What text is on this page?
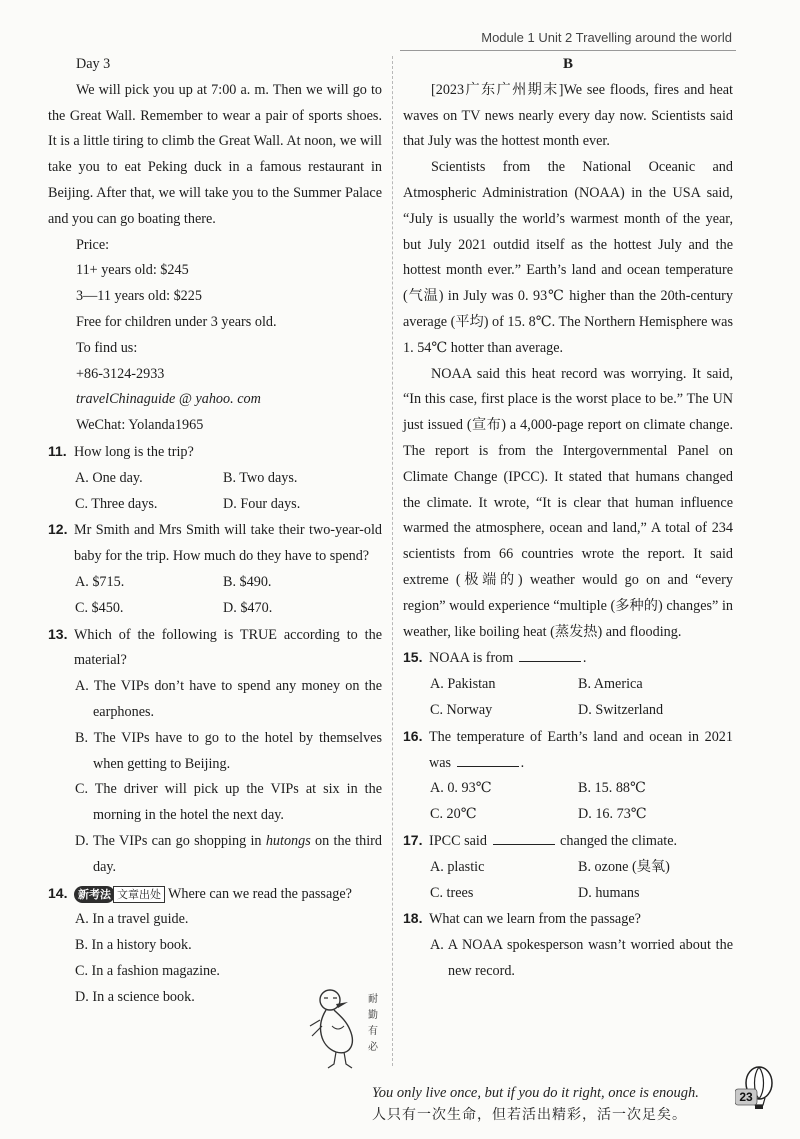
Module 1 Unit 2 Travelling around the world
Day 3
We will pick you up at 7:00 a. m. Then we will go to the Great Wall. Remember to wear a pair of sports shoes. It is a little tiring to climb the Great Wall. At noon, we will take you to eat Peking duck in a famous restaurant in Beijing. After that, we will take you to the Summer Palace and you can go boating there.
Price:
11+ years old: $245
3—11 years old: $225
Free for children under 3 years old.
To find us:
+86-3124-2933
travelChinaguide @ yahoo. com
WeChat: Yolanda1965
11. How long is the trip?
A. One day.	B. Two days.
C. Three days.	D. Four days.
12. Mr Smith and Mrs Smith will take their two-year-old baby for the trip. How much do they have to spend?
A. $715.	B. $490.
C. $450.	D. $470.
13. Which of the following is TRUE according to the material?
A. The VIPs don’t have to spend any money on the earphones.
B. The VIPs have to go to the hotel by themselves when getting to Beijing.
C. The driver will pick up the VIPs at six in the morning in the hotel the next day.
D. The VIPs can go shopping in hutongs on the third day.
14. 新考法 文章出处 Where can we read the passage?
A. In a travel guide.
B. In a history book.
C. In a fashion magazine.
D. In a science book.	耐
勤
有
必
B
[2023广东广州期末]We see floods, fires and heat waves on TV news nearly every day now. Scientists said that July was the hottest month ever.
Scientists from the National Oceanic and Atmospheric Administration (NOAA) in the USA said, “July is usually the world’s warmest month of the year, but July 2021 outdid itself as the hottest July and the hottest month ever.” Earth’s land and ocean temperature (气温) in July was 0. 93℃ higher than the 20th-century average (平均) of 15. 8℃. The Northern Hemisphere was 1. 54℃ hotter than average.
NOAA said this heat record was worrying. It said, “In this case, first place is the worst place to be.” The UN just issued (宣布) a 4,000-page report on climate change. The report is from the Intergovernmental Panel on Climate Change (IPCC). It stated that humans changed the climate. It wrote, “It is clear that human influence warmed the atmosphere, ocean and land,” A total of 234 scientists from 66 countries wrote the report. It said extreme (极端的) weather would go on and “every region” would experience “multiple (多种的) changes” in weather, like boiling heat (蒸发热) and flooding.
15. NOAA is from	.
A. Pakistan	B. America
C. Norway	D. Switzerland
16. The temperature of Earth’s land and ocean in 2021 was	.
A. 0. 93℃	B. 15. 88℃
C. 20℃	D. 16. 73℃
17. IPCC said	changed the climate.
A. plastic	B. ozone (臭氧)
C. trees	D. humans
18. What can we learn from the passage?
A. A NOAA spokesperson wasn’t worried about the new record.
You only live once, but if you do it right, once is enough.
人只有一次生命，但若活出精彩，活一次足矣。
23
